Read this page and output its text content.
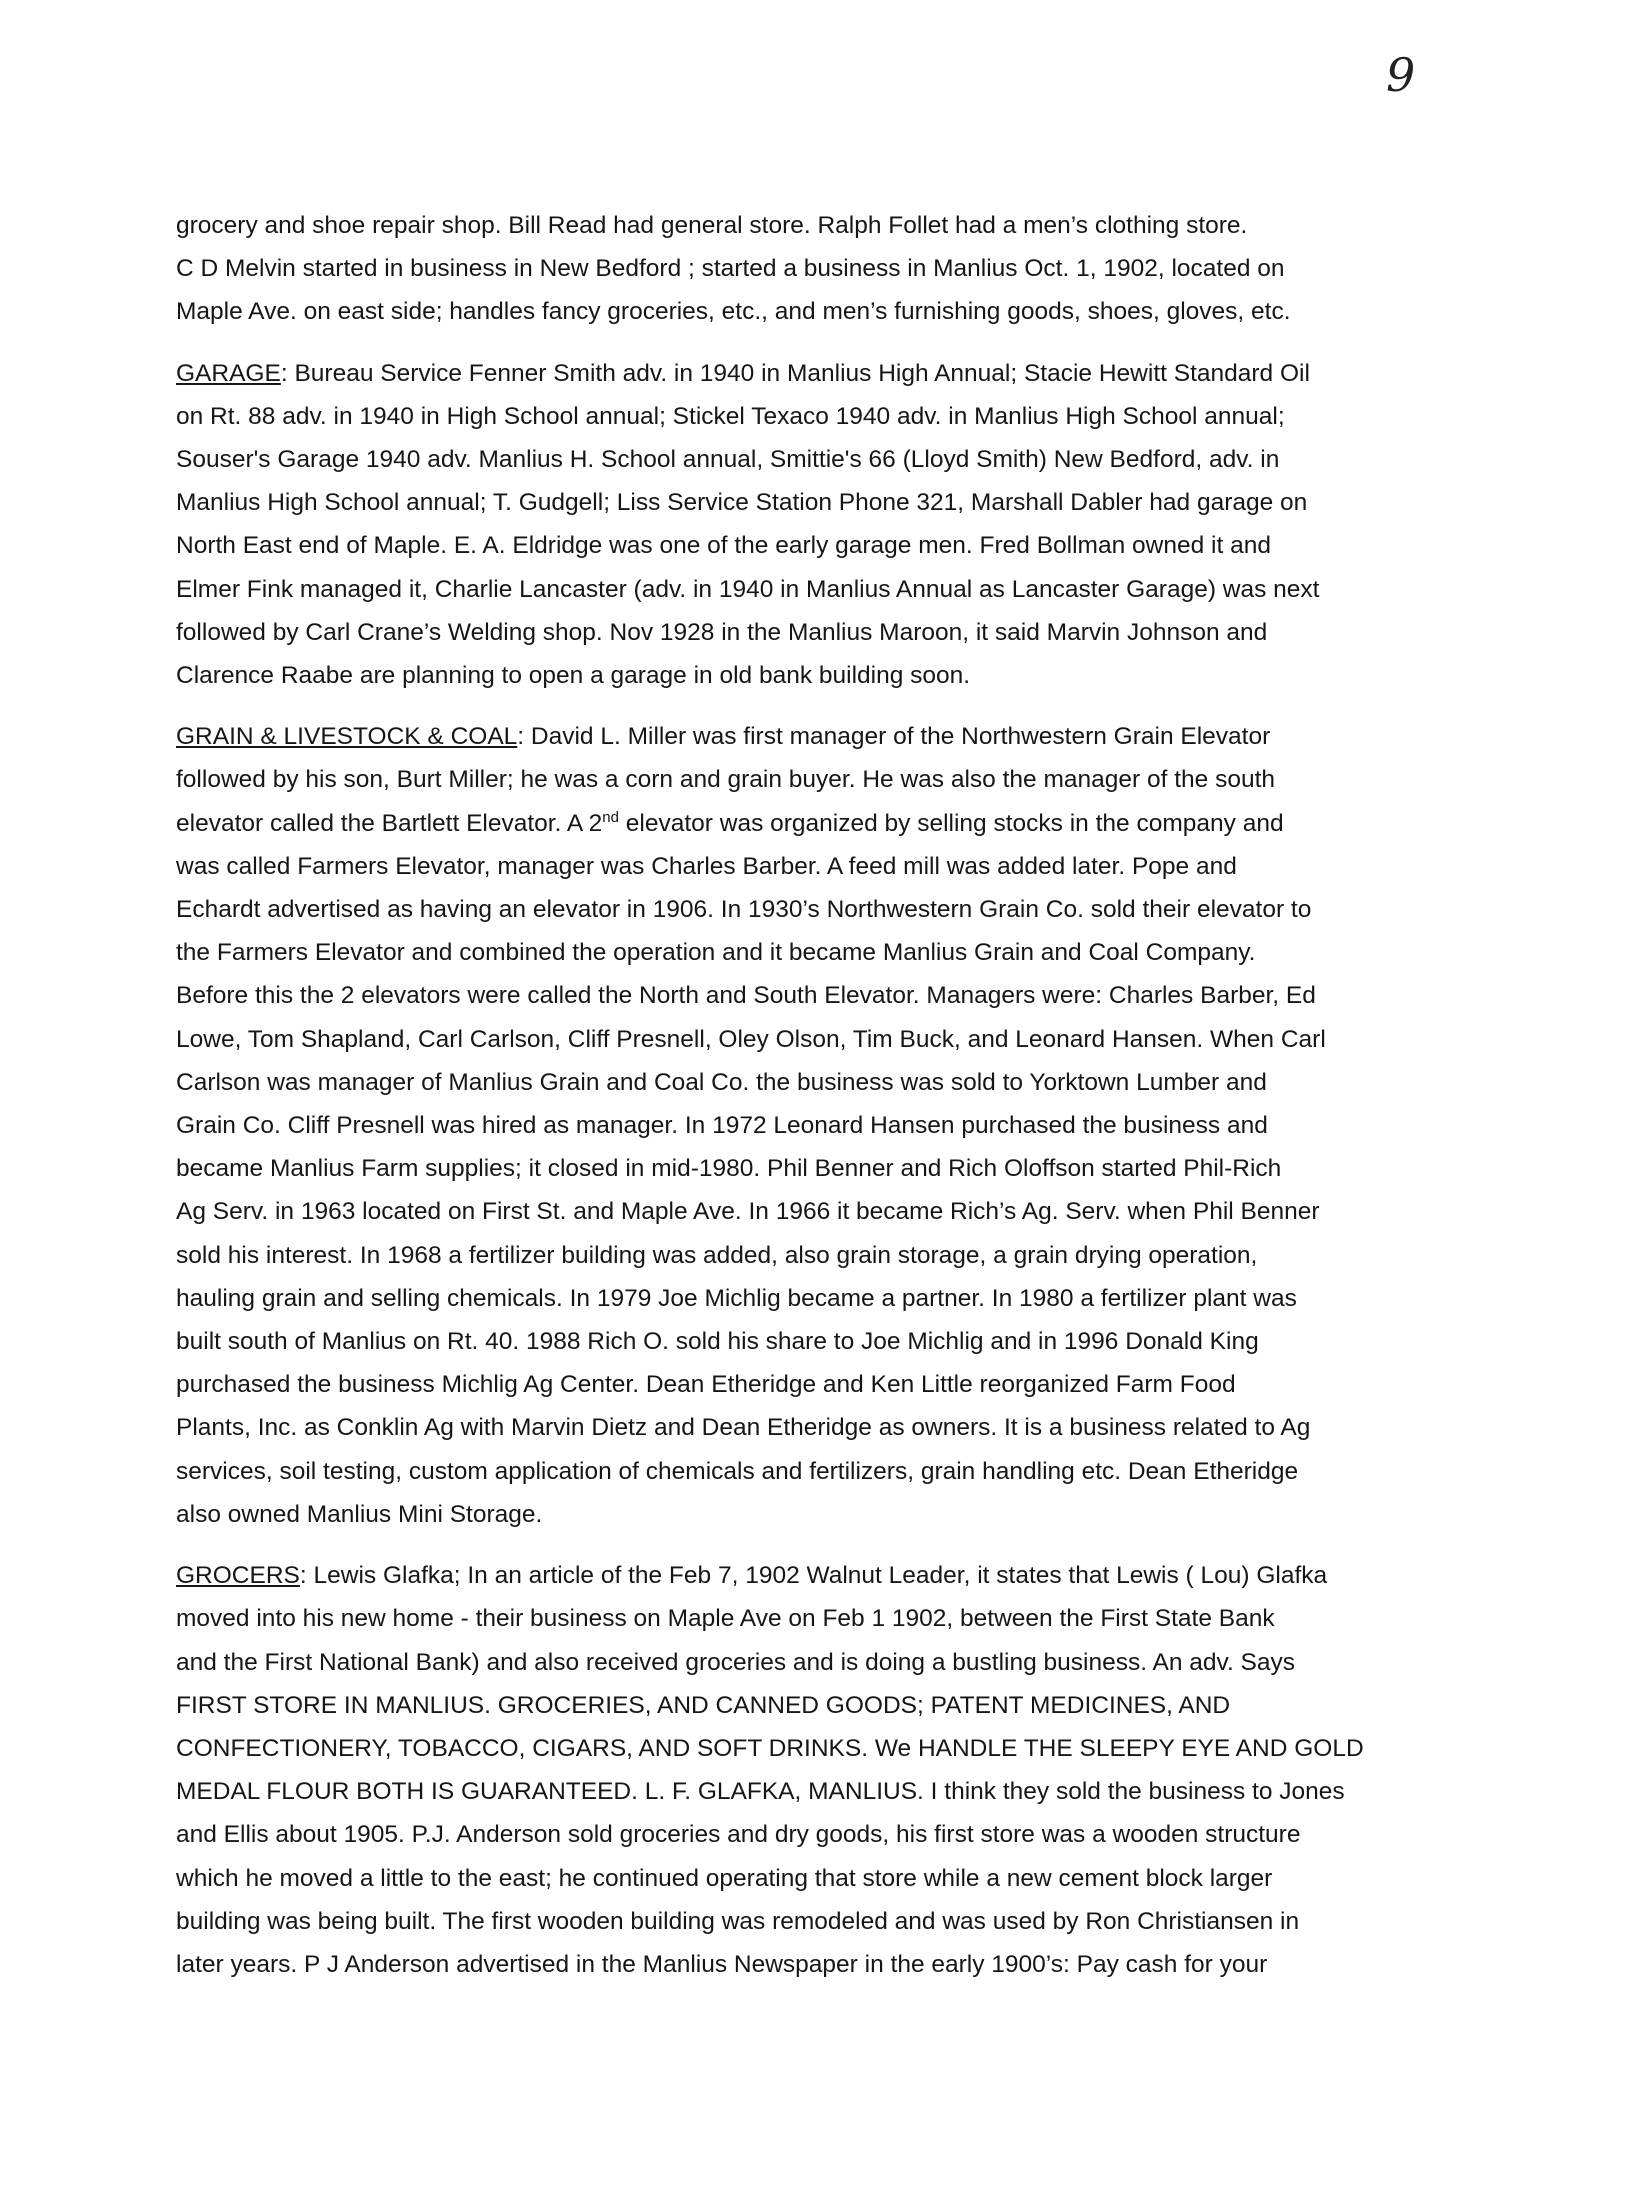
9

grocery and shoe repair shop. Bill Read had general store. Ralph Follet had a men’s clothing store.
C D Melvin started in business in New Bedford ; started a business in Manlius Oct. 1, 1902, located on
Maple Ave. on east side; handles fancy groceries, etc., and men’s furnishing goods, shoes, gloves, etc.

GARAGE: Bureau Service Fenner Smith adv. in 1940 in Manlius High Annual; Stacie Hewitt Standard Oil
on Rt. 88 adv. in 1940 in High School annual; Stickel Texaco 1940 adv. in Manlius High School annual;
Souser's Garage 1940 adv. Manlius H. School annual, Smittie's 66 (Lloyd Smith) New Bedford, adv. in
Manlius High School annual; T. Gudgell; Liss Service Station Phone 321, Marshall Dabler had garage on
North East end of Maple. E. A. Eldridge was one of the early garage men. Fred Bollman owned it and
Elmer Fink managed it, Charlie Lancaster (adv. in 1940 in Manlius Annual as Lancaster Garage) was next
followed by Carl Crane’s Welding shop. Nov 1928 in the Manlius Maroon, it said Marvin Johnson and
Clarence Raabe are planning to open a garage in old bank building soon.

GRAIN & LIVESTOCK & COAL: David L. Miller was first manager of the Northwestern Grain Elevator
followed by his son, Burt Miller; he was a corn and grain buyer. He was also the manager of the south
elevator called the Bartlett Elevator. A 2nd elevator was organized by selling stocks in the company and
was called Farmers Elevator, manager was Charles Barber. A feed mill was added later. Pope and
Echardt advertised as having an elevator in 1906. In 1930’s Northwestern Grain Co. sold their elevator to
the Farmers Elevator and combined the operation and it became Manlius Grain and Coal Company.
Before this the 2 elevators were called the North and South Elevator. Managers were: Charles Barber, Ed
Lowe, Tom Shapland, Carl Carlson, Cliff Presnell, Oley Olson, Tim Buck, and Leonard Hansen. When Carl
Carlson was manager of Manlius Grain and Coal Co. the business was sold to Yorktown Lumber and
Grain Co. Cliff Presnell was hired as manager. In 1972 Leonard Hansen purchased the business and
became Manlius Farm supplies; it closed in mid-1980. Phil Benner and Rich Oloffson started Phil-Rich
Ag Serv. in 1963 located on First St. and Maple Ave. In 1966 it became Rich’s Ag. Serv. when Phil Benner
sold his interest. In 1968 a fertilizer building was added, also grain storage, a grain drying operation,
hauling grain and selling chemicals. In 1979 Joe Michlig became a partner. In 1980 a fertilizer plant was
built south of Manlius on Rt. 40. 1988 Rich O. sold his share to Joe Michlig and in 1996 Donald King
purchased the business Michlig Ag Center. Dean Etheridge and Ken Little reorganized Farm Food
Plants, Inc. as Conklin Ag with Marvin Dietz and Dean Etheridge as owners. It is a business related to Ag
services, soil testing, custom application of chemicals and fertilizers, grain handling etc. Dean Etheridge
also owned Manlius Mini Storage.

GROCERS: Lewis Glafka; In an article of the Feb 7, 1902 Walnut Leader, it states that Lewis ( Lou) Glafka
moved into his new home - their business on Maple Ave on Feb 1 1902, between the First State Bank
and the First National Bank) and also received groceries and is doing a bustling business. An adv. Says
FIRST STORE IN MANLIUS. GROCERIES, AND CANNED GOODS; PATENT MEDICINES, AND
CONFECTIONERY, TOBACCO, CIGARS, AND SOFT DRINKS. We HANDLE THE SLEEPY EYE AND GOLD
MEDAL FLOUR BOTH IS GUARANTEED. L. F. GLAFKA, MANLIUS. I think they sold the business to Jones
and Ellis about 1905. P.J. Anderson sold groceries and dry goods, his first store was a wooden structure
which he moved a little to the east; he continued operating that store while a new cement block larger
building was being built. The first wooden building was remodeled and was used by Ron Christiansen in
later years. P J Anderson advertised in the Manlius Newspaper in the early 1900’s: Pay cash for your
